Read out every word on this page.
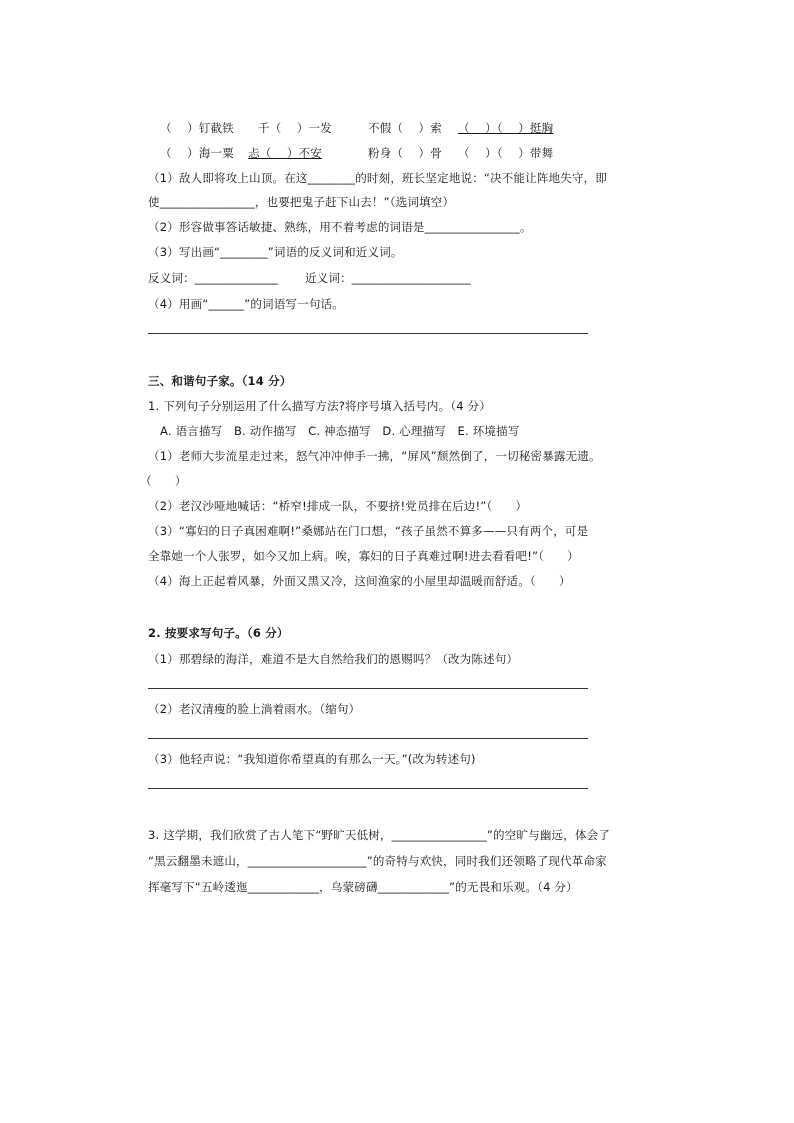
（    ）钉截铁 千（    ）一发	不假（    ）索 （    ）（    ）挺胸
（    ）海一粟 忐（    ）不安	粉身（    ）骨 （    ）（    ）带舞
（1）敌人即将攻上山顶。在这________的时刻，班长坚定地说：“决不能让阵地失守，即
使________________，也要把鬼子赶下山去！”（选词填空）
（2）形容做事答话敏捷、熟练，用不着考虑的词语是________________。
（3）写出画“________”词语的反义词和近义词。
反义词：______________ 近义词：____________________
（4）用画“______”的词语写一句话。
三、和谐句子家。（14 分）
1. 下列句子分别运用了什么描写方法?将序号填入括号内。（4 分）
A. 语言描写   B. 动作描写   C. 神态描写   D. 心理描写   E. 环境描写
（1）老师大步流星走过来，怒气冲冲伸手一拂，“屏风”颓然倒了，一切秘密暴露无遗。
（      ）
（2）老汉沙哑地喊话：“桥窄!排成一队，不要挤!党员排在后边!”（      ）
（3）“寡妇的日子真困难啊!”桑娜站在门口想，“孩子虽然不算多——只有两个，可是
全靠她一个人张罗，如今又加上病。唉，寡妇的日子真难过啊!进去看看吧!”（      ）
（4）海上正起着风暴，外面又黑又冷，这间渔家的小屋里却温暖而舒适。（      ）
2. 按要求写句子。（6 分）
（1）那碧绿的海洋，难道不是大自然给我们的恩赐吗？（改为陈述句）
（2）老汉清瘦的脸上淌着雨水。（缩句）
（3）他轻声说：“我知道你希望真的有那么一天。”(改为转述句)
3. 这学期，我们欣赏了古人笔下“野旷天低树，________________”的空旷与幽远，体会了
“黑云翻墨未遮山，____________________”的奇特与欢快，同时我们还领略了现代革命家
挥毫写下“五岭逶迤____________，乌蒙磅礴____________”的无畏和乐观。（4 分）
